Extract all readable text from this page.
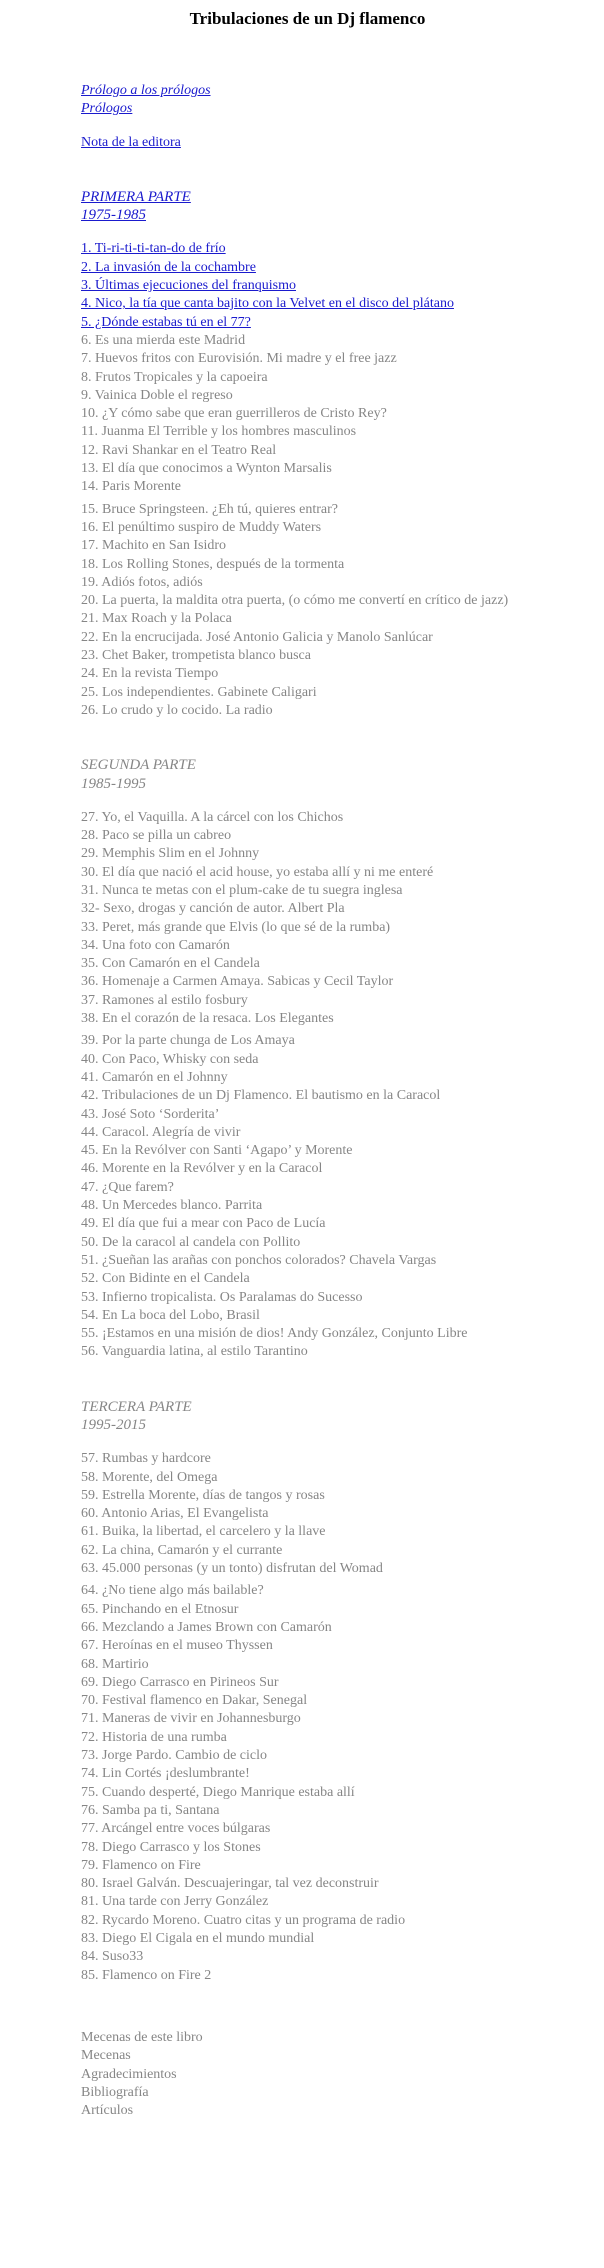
Tribulaciones de un Dj flamenco
Prólogo a los prólogos
Prólogos
Nota de la editora
PRIMERA PARTE
1975-1985
1. Ti-ri-ti-ti-tan-do de frío
2. La invasión de la cochambre
3. Últimas ejecuciones del franquismo
4. Nico, la tía que canta bajito con la Velvet en el disco del plátano
5. ¿Dónde estabas tú en el 77?
6. Es una mierda este Madrid
7. Huevos fritos con Eurovisión. Mi madre y el free jazz
8. Frutos Tropicales y la capoeira
9. Vainica Doble el regreso
10. ¿Y cómo sabe que eran guerrilleros de Cristo Rey?
11. Juanma El Terrible y los hombres masculinos
12. Ravi Shankar en el Teatro Real
13. El día que conocimos a Wynton Marsalis
14. Paris Morente
15. Bruce Springsteen. ¿Eh tú, quieres entrar?
16. El penúltimo suspiro de Muddy Waters
17. Machito en San Isidro
18. Los Rolling Stones, después de la tormenta
19. Adiós fotos, adiós
20. La puerta, la maldita otra puerta, (o cómo me convertí en crítico de jazz)
21. Max Roach y la Polaca
22. En la encrucijada. José Antonio Galicia y Manolo Sanlúcar
23. Chet Baker, trompetista blanco busca
24. En la revista Tiempo
25. Los independientes. Gabinete Caligari
26. Lo crudo y lo cocido. La radio
SEGUNDA PARTE
1985-1995
27. Yo, el Vaquilla. A la cárcel con los Chichos
28. Paco se pilla un cabreo
29. Memphis Slim en el Johnny
30. El día que nació el acid house, yo estaba allí y ni me enteré
31. Nunca te metas con el plum-cake de tu suegra inglesa
32- Sexo, drogas y canción de autor. Albert Pla
33. Peret, más grande que Elvis (lo que sé de la rumba)
34. Una foto con Camarón
35. Con Camarón en el Candela
36. Homenaje a Carmen Amaya. Sabicas y Cecil Taylor
37. Ramones al estilo fosbury
38. En el corazón de la resaca. Los Elegantes
39. Por la parte chunga de Los Amaya
40. Con Paco, Whisky con seda
41. Camarón en el Johnny
42. Tribulaciones de un Dj Flamenco. El bautismo en la Caracol
43. José Soto ‘Sorderita’
44. Caracol. Alegría de vivir
45. En la Revólver con Santi ‘Agapo’ y Morente
46. Morente en la Revólver y en la Caracol
47. ¿Que farem?
48. Un Mercedes blanco. Parrita
49. El día que fui a mear con Paco de Lucía
50. De la caracol al candela con Pollito
51. ¿Sueñan las arañas con ponchos colorados? Chavela Vargas
52. Con Bidinte en el Candela
53. Infierno tropicalista. Os Paralamas do Sucesso
54. En La boca del Lobo, Brasil
55. ¡Estamos en una misión de dios! Andy González, Conjunto Libre
56. Vanguardia latina, al estilo Tarantino
TERCERA PARTE
1995-2015
57. Rumbas y hardcore
58. Morente, del Omega
59. Estrella Morente, días de tangos y rosas
60. Antonio Arias, El Evangelista
61. Buika, la libertad, el carcelero y la llave
62. La china, Camarón y el currante
63. 45.000 personas (y un tonto) disfrutan del Womad
64. ¿No tiene algo más bailable?
65. Pinchando en el Etnosur
66. Mezclando a James Brown con Camarón
67. Heroínas en el museo Thyssen
68. Martirio
69. Diego Carrasco en Pirineos Sur
70. Festival flamenco en Dakar, Senegal
71. Maneras de vivir en Johannesburgo
72. Historia de una rumba
73. Jorge Pardo. Cambio de ciclo
74. Lin Cortés ¡deslumbrante!
75. Cuando desperté, Diego Manrique estaba allí
76. Samba pa ti, Santana
77. Arcángel entre voces búlgaras
78. Diego Carrasco y los Stones
79. Flamenco on Fire
80. Israel Galván. Descuajeringar, tal vez deconstruir
81. Una tarde con Jerry González
82. Rycardo Moreno. Cuatro citas y un programa de radio
83. Diego El Cigala en el mundo mundial
84. Suso33
85. Flamenco on Fire 2
Mecenas de este libro
Mecenas
Agradecimientos
Bibliografía
Artículos
